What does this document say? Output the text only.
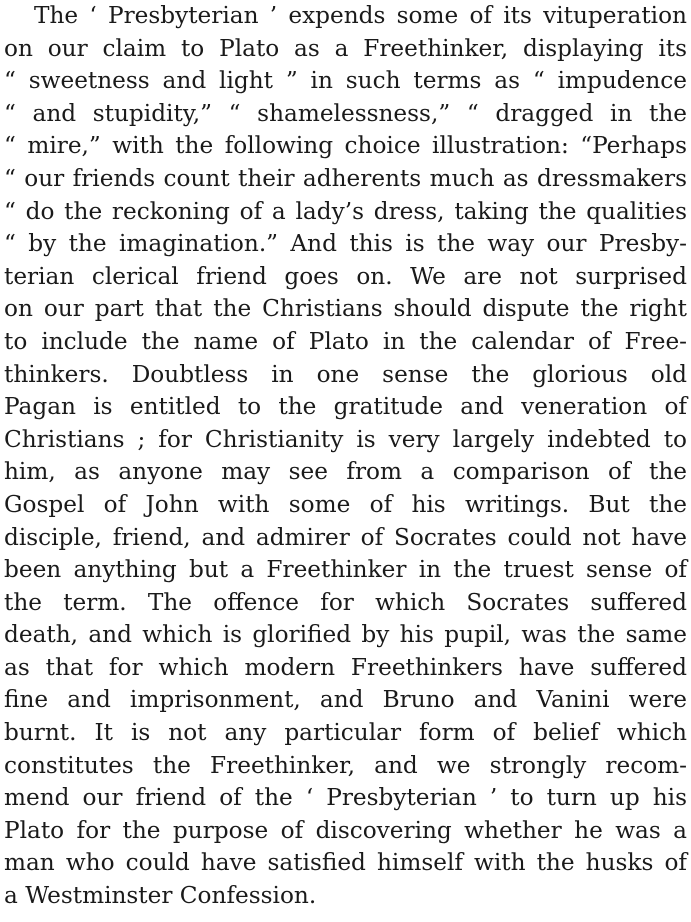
The ‘ Presbyterian ’ expends some of its vituperation
on our claim to Plato as a Freethinker, displaying its
“ sweetness and light ” in such terms as “ impudence
“ and stupidity,” “ shamelessness,” “ dragged in the
“ mire,” with the following choice illustration: “Perhaps
“ our friends count their adherents much as dressmakers
“ do the reckoning of a lady’s dress, taking the qualities
“ by the imagination.” And this is the way our Presby-
terian clerical friend goes on. We are not surprised
on our part that the Christians should dispute the right
to include the name of Plato in the calendar of Free-
thinkers. Doubtless in one sense the glorious old
Pagan is entitled to the gratitude and veneration of
Christians ; for Christianity is very largely indebted to
him, as anyone may see from a comparison of the
Gospel of John with some of his writings. But the
disciple, friend, and admirer of Socrates could not have
been anything but a Freethinker in the truest sense of
the term. The offence for which Socrates suffered
death, and which is glorified by his pupil, was the same
as that for which modern Freethinkers have suffered
fine and imprisonment, and Bruno and Vanini were
burnt. It is not any particular form of belief which
constitutes the Freethinker, and we strongly recom-
mend our friend of the ‘ Presbyterian ’ to turn up his
Plato for the purpose of discovering whether he was a
man who could have satisfied himself with the husks of
a Westminster Confession.
